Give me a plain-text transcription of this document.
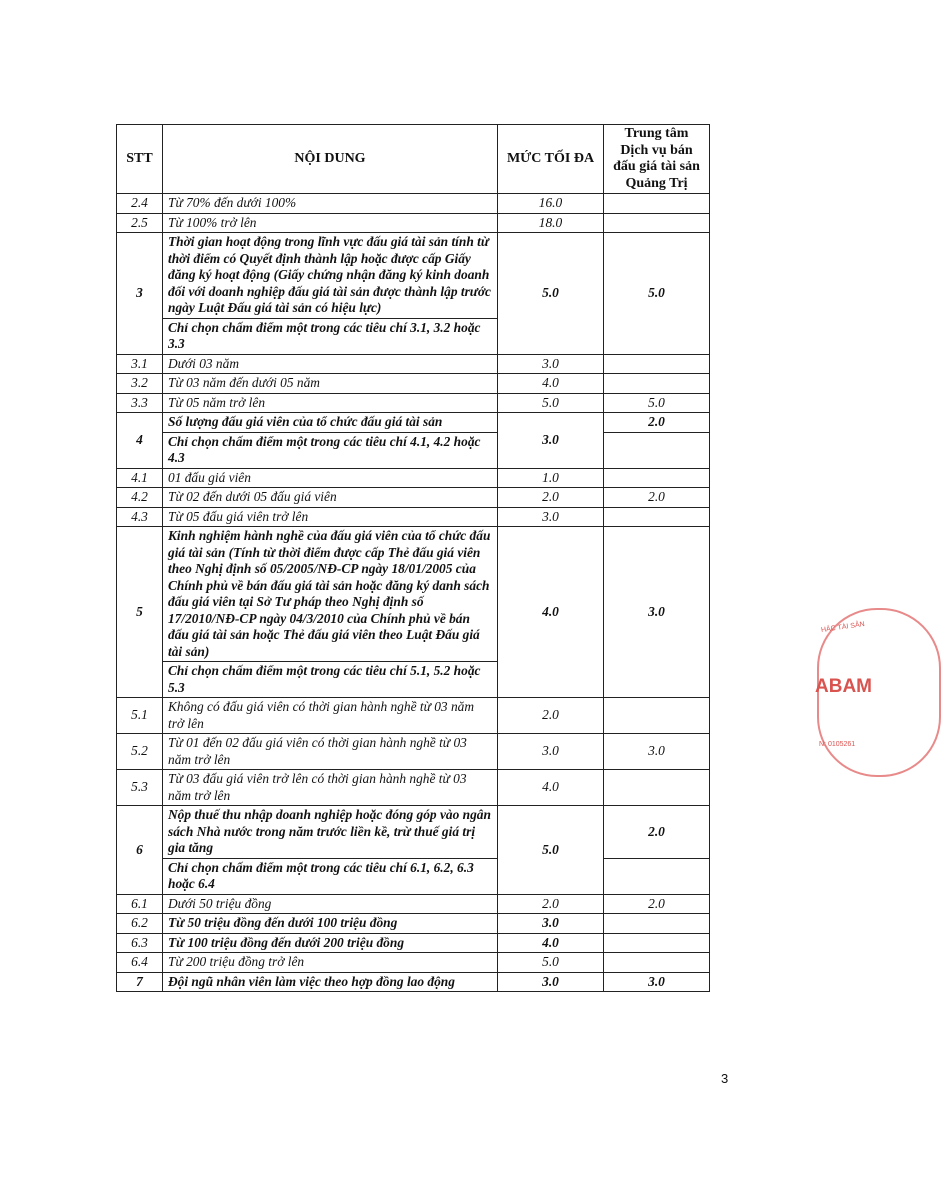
STT	NỘI DUNG	MỨC TỐI ĐA	Trung tâm Dịch vụ bán đấu giá tài sản Quảng Trị
2.4	Từ 70% đến dưới 100%	16.0	
2.5	Từ 100% trở lên	18.0	
3	Thời gian hoạt động trong lĩnh vực đấu giá tài sản tính từ thời điểm có Quyết định thành lập hoặc được cấp Giấy đăng ký hoạt động (Giấy chứng nhận đăng ký kinh doanh đối với doanh nghiệp đấu giá tài sản được thành lập trước ngày Luật Đấu giá tài sản có hiệu lực)	5.0	5.0
	Chỉ chọn chấm điểm một trong các tiêu chí 3.1, 3.2 hoặc 3.3		
3.1	Dưới 03 năm	3.0	
3.2	Từ 03 năm đến dưới 05 năm	4.0	
3.3	Từ 05 năm trở lên	5.0	5.0
4	Số lượng đấu giá viên của tổ chức đấu giá tài sản	3.0	2.0
	Chỉ chọn chấm điểm một trong các tiêu chí 4.1, 4.2 hoặc 4.3		
4.1	01 đấu giá viên	1.0	
4.2	Từ 02 đến dưới 05 đấu giá viên	2.0	2.0
4.3	Từ 05 đấu giá viên trở lên	3.0	
5	Kinh nghiệm hành nghề của đấu giá viên của tổ chức đấu giá tài sản (Tính từ thời điểm được cấp Thẻ đấu giá viên theo Nghị định số 05/2005/NĐ-CP ngày 18/01/2005 của Chính phủ về bán đấu giá tài sản hoặc đăng ký danh sách đấu giá viên tại Sở Tư pháp theo Nghị định số 17/2010/NĐ-CP ngày 04/3/2010 của Chính phủ về bán đấu giá tài sản hoặc Thẻ đấu giá viên theo Luật Đấu giá tài sản)	4.0	3.0
	Chỉ chọn chấm điểm một trong các tiêu chí 5.1, 5.2 hoặc 5.3		
5.1	Không có đấu giá viên có thời gian hành nghề từ 03 năm trở lên	2.0	
5.2	Từ 01 đến 02 đấu giá viên có thời gian hành nghề từ 03 năm trở lên	3.0	3.0
5.3	Từ 03 đấu giá viên trở lên có thời gian hành nghề từ 03 năm trở lên	4.0	
6	Nộp thuế thu nhập doanh nghiệp hoặc đóng góp vào ngân sách Nhà nước trong năm trước liền kề, trừ thuế giá trị gia tăng	5.0	2.0
	Chỉ chọn chấm điểm một trong các tiêu chí 6.1, 6.2, 6.3 hoặc 6.4		
6.1	Dưới 50 triệu đồng	2.0	2.0
6.2	Từ 50 triệu đồng đến dưới 100 triệu đồng	3.0	
6.3	Từ 100 triệu đồng đến dưới 200 triệu đồng	4.0	
6.4	Từ 200 triệu đồng trở lên	5.0	
7	Đội ngũ nhân viên làm việc theo hợp đồng lao động	3.0	3.0
3
HÁC TÀI SẢN
ABAM
N: 0105261
